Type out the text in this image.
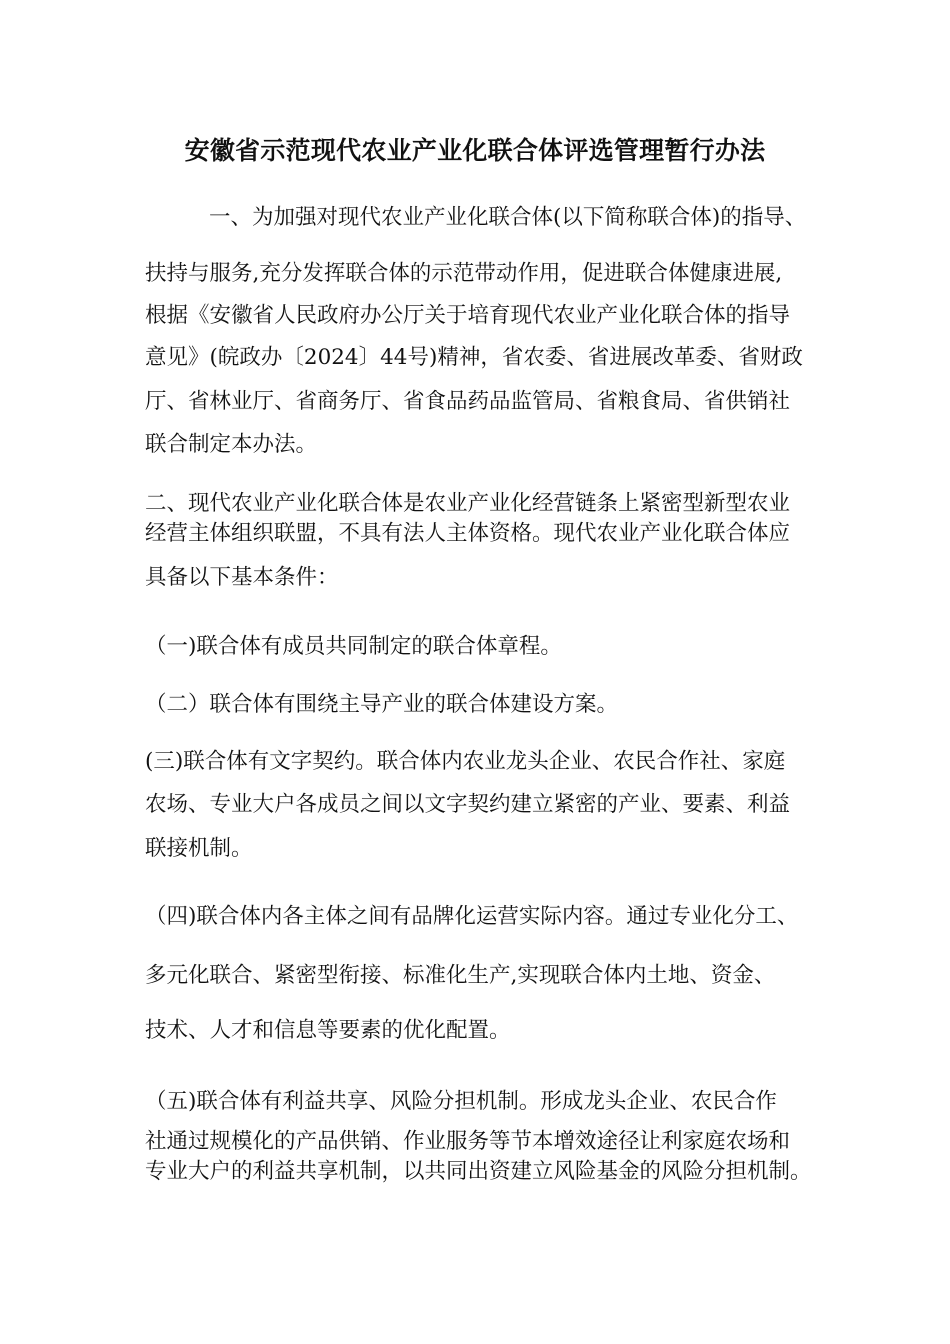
安徽省示范现代农业产业化联合体评选管理暂行办法
一、为加强对现代农业产业化联合体(以下简称联合体)的指导、
扶持与服务,充分发挥联合体的示范带动作用，促进联合体健康进展,
根据《安徽省人民政府办公厅关于培育现代农业产业化联合体的指导
意见》(皖政办〔2024〕44号)精神，省农委、省进展改革委、省财政
厅、省林业厅、省商务厅、省食品药品监管局、省粮食局、省供销社
联合制定本办法。
二、现代农业产业化联合体是农业产业化经营链条上紧密型新型农业
经营主体组织联盟，不具有法人主体资格。现代农业产业化联合体应
具备以下基本条件：
（一)联合体有成员共同制定的联合体章程。
（二）联合体有围绕主导产业的联合体建设方案。
(三)联合体有文字契约。联合体内农业龙头企业、农民合作社、家庭
农场、专业大户各成员之间以文字契约建立紧密的产业、要素、利益
联接机制。
（四)联合体内各主体之间有品牌化运营实际内容。通过专业化分工、
多元化联合、紧密型衔接、标准化生产,实现联合体内土地、资金、
技术、人才和信息等要素的优化配置。
（五)联合体有利益共享、风险分担机制。形成龙头企业、农民合作
社通过规模化的产品供销、作业服务等节本增效途径让利家庭农场和
专业大户的利益共享机制，以共同出资建立风险基金的风险分担机制。
